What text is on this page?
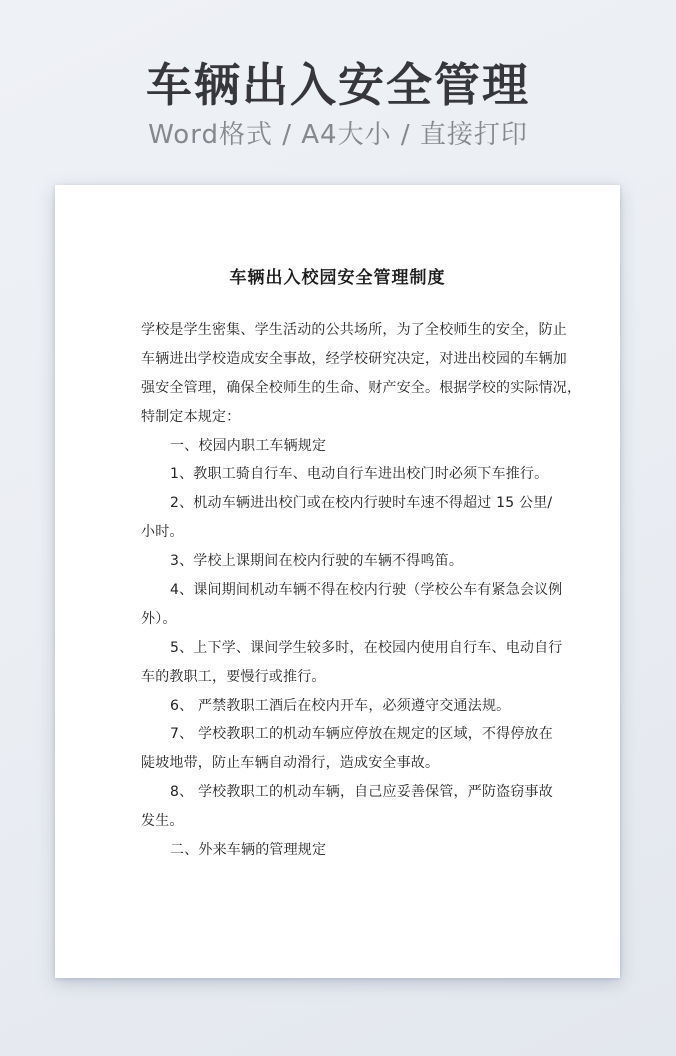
车辆出入安全管理

Word格式 / A4大小 / 直接打印

车辆出入校园安全管理制度
学校是学生密集、学生活动的公共场所，为了全校师生的安全，防止
车辆进出学校造成安全事故，经学校研究决定，对进出校园的车辆加
强安全管理，确保全校师生的生命、财产安全。根据学校的实际情况，
特制定本规定：
一、校园内职工车辆规定
1、教职工骑自行车、电动自行车进出校门时必须下车推行。
2、机动车辆进出校门或在校内行驶时车速不得超过 15 公里/
小时。
3、学校上课期间在校内行驶的车辆不得鸣笛。
4、课间期间机动车辆不得在校内行驶（学校公车有紧急会议例
外）。
5、上下学、课间学生较多时，在校园内使用自行车、电动自行
车的教职工，要慢行或推行。
6、 严禁教职工酒后在校内开车，必须遵守交通法规。
7、 学校教职工的机动车辆应停放在规定的区域，不得停放在
陡坡地带，防止车辆自动滑行，造成安全事故。
8、 学校教职工的机动车辆，自己应妥善保管，严防盗窃事故
发生。
二、外来车辆的管理规定
